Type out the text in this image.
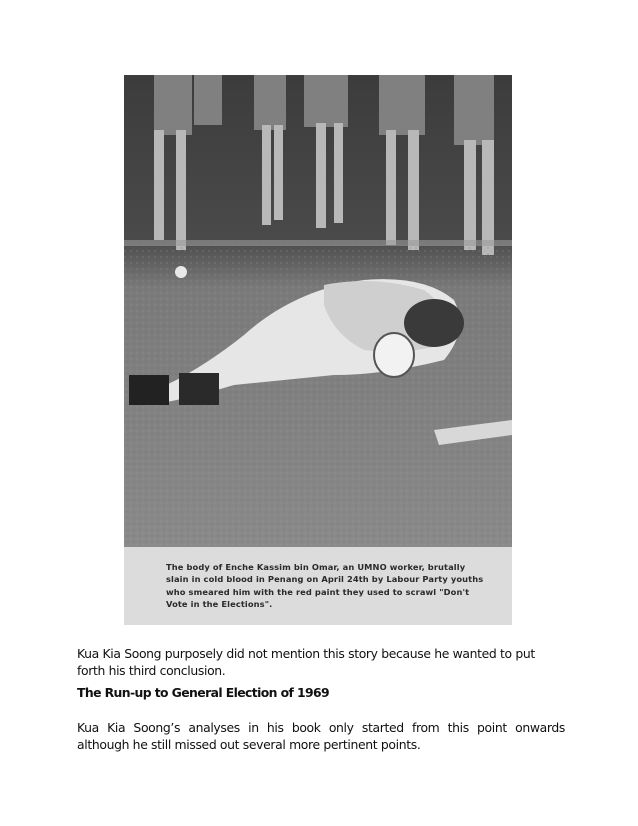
The body of Enche Kassim bin Omar, an UMNO worker, brutally
slain in cold blood in Penang on April 24th by Labour Party youths
who smeared him with the red paint they used to scrawl "Don't
Vote in the Elections".

Kua Kia Soong purposely did not mention this story because he wanted to put forth his third conclusion.

The Run-up to General Election of 1969

Kua Kia Soong’s analyses in his book only started from this point onwards although he still missed out several more pertinent points.
